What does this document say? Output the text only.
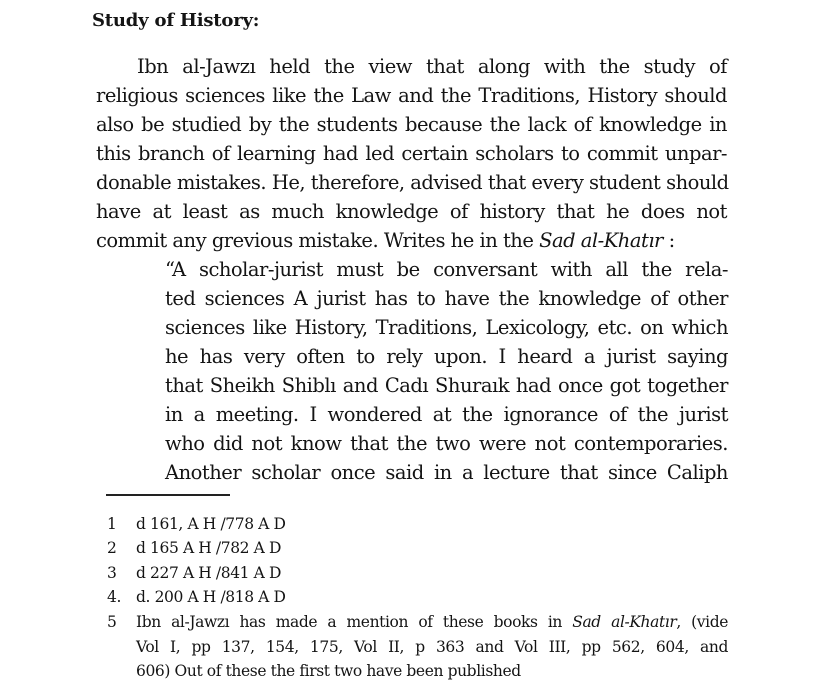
Study of History:
Ibn al-Jawzı held the view that along with the study of
religious sciences like the Law and the Traditions, History should
also be studied by the students because the lack of knowledge in
this branch of learning had led certain scholars to commit unpar-
donable mistakes. He, therefore, advised that every student should
have at least as much knowledge of history that he does not
commit any grevious mistake. Writes he in the Sad al-Khatır :
“A scholar-jurist must be conversant with all the rela-
ted sciences A jurist has to have the knowledge of other
sciences like History, Traditions, Lexicology, etc. on which
he has very often to rely upon. I heard a jurist saying
that Sheikh Shiblı and Cadı Shuraık had once got together
in a meeting. I wondered at the ignorance of the jurist
who did not know that the two were not contemporaries.
Another scholar once said in a lecture that since Caliph
1 d 161, A H /778 A D
2 d 165 A H /782 A D
3 d 227 A H /841 A D
4. d. 200 A H /818 A D
5 Ibn al-Jawzı has made a mention of these books in Sad al-Khatır, (vide
Vol I, pp 137, 154, 175, Vol II, p 363 and Vol III, pp 562, 604, and
606) Out of these the first two have been published
